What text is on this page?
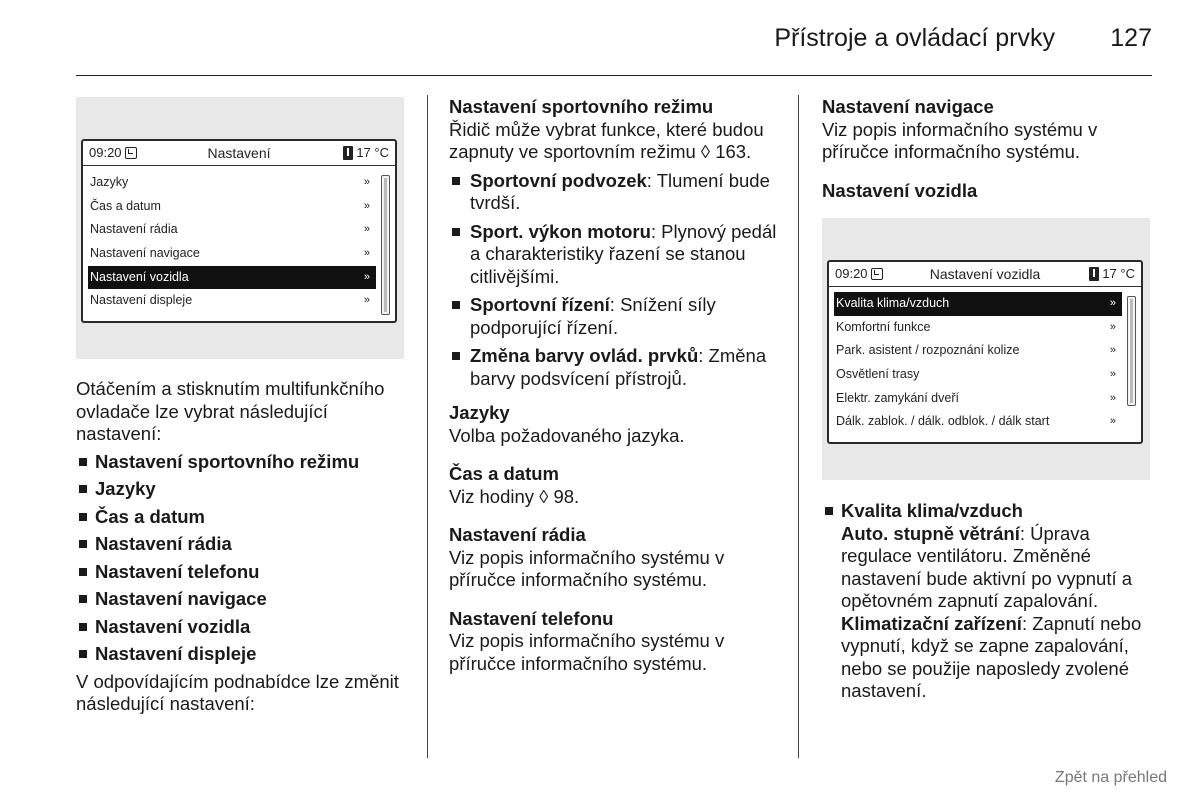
Přístroje a ovládací prvky 127
09:20	Nastavení	17 °C
Jazyky	»
Čas a datum	»
Nastavení rádia	»
Nastavení navigace	»
Nastavení vozidla	»
Nastavení displeje	»

Otáčením a stisknutím multifunkčního ovladače lze vybrat následující nastavení:

Nastavení sportovního režimu
Jazyky
Čas a datum
Nastavení rádia
Nastavení telefonu
Nastavení navigace
Nastavení vozidla
Nastavení displeje

V odpovídajícím podnabídce lze změnit následující nastavení:

Nastavení sportovního režimu

Řidič může vybrat funkce, které budou zapnuty ve sportovním režimu ◊ 163.

Sportovní podvozek: Tlumení bude tvrdší.
Sport. výkon motoru: Plynový pedál a charakteristiky řazení se stanou citlivějšími.
Sportovní řízení: Snížení síly podporující řízení.
Změna barvy ovlád. prvků: Změna barvy podsvícení přístrojů.

Jazyky

Volba požadovaného jazyka.

Čas a datum

Viz hodiny ◊ 98.

Nastavení rádia

Viz popis informačního systému v příručce informačního systému.

Nastavení telefonu

Viz popis informačního systému v příručce informačního systému.

Nastavení navigace

Viz popis informačního systému v příručce informačního systému.

Nastavení vozidla

09:20	Nastavení vozidla	17 °C
Kvalita klima/vzduch	»
Komfortní funkce	»
Park. asistent / rozpoznání kolize	»
Osvětlení trasy	»
Elektr. zamykání dveří	»
Dálk. zablok. / dálk. odblok. / dálk start	»
Kvalita klima/vzduch

Auto. stupně větrání: Úprava regulace ventilátoru. Změněné nastavení bude aktivní po vypnutí a opětovném zapnutí zapalování.

Klimatizační zařízení: Zapnutí nebo vypnutí, když se zapne zapalování, nebo se použije naposledy zvolené nastavení.

Zpět na přehled
